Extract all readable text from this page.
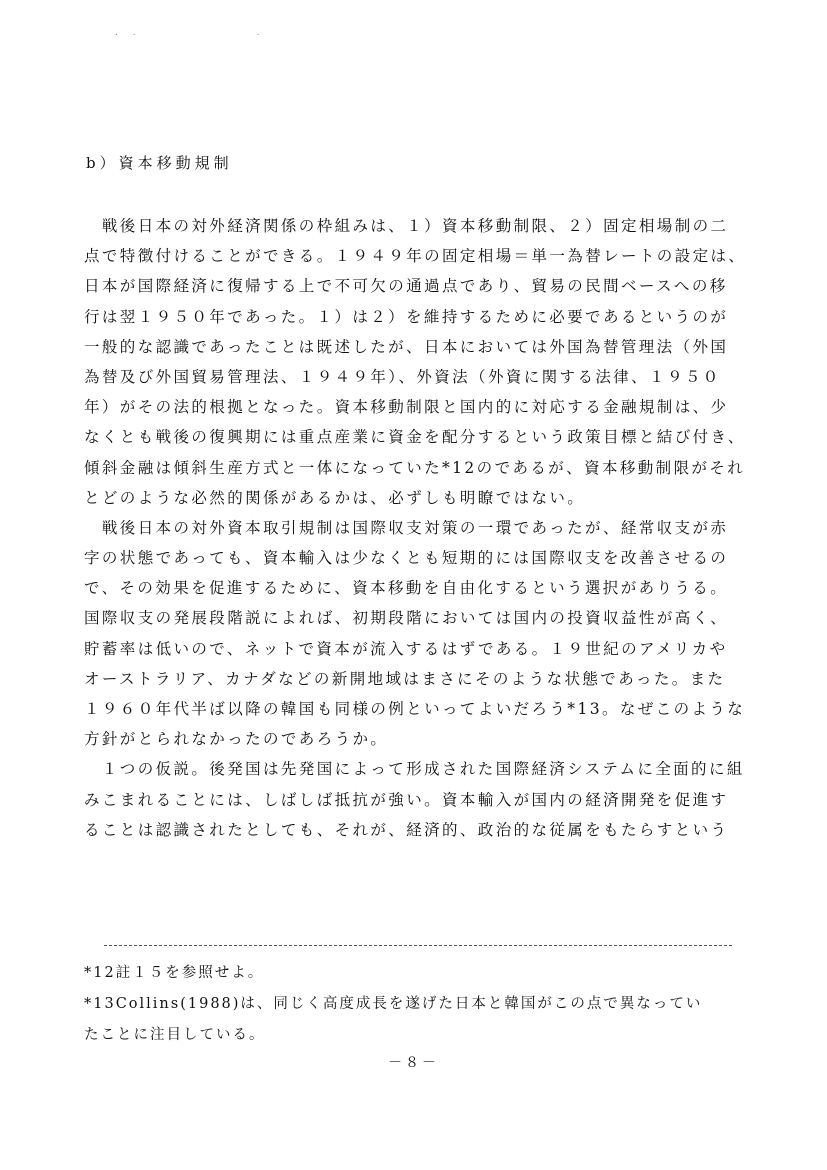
. .             .
b）資本移動規制
　戦後日本の対外経済関係の枠組みは、１）資本移動制限、２）固定相場制の二
点で特徴付けることができる。１９４９年の固定相場＝単一為替レートの設定は、
日本が国際経済に復帰する上で不可欠の通過点であり、貿易の民間ベースへの移
行は翌１９５０年であった。１）は２）を維持するために必要であるというのが
一般的な認識であったことは既述したが、日本においては外国為替管理法（外国
為替及び外国貿易管理法、１９４９年）、外資法（外資に関する法律、１９５０
年）がその法的根拠となった。資本移動制限と国内的に対応する金融規制は、少
なくとも戦後の復興期には重点産業に資金を配分するという政策目標と結び付き、
傾斜金融は傾斜生産方式と一体になっていた*12のであるが、資本移動制限がそれ
とどのような必然的関係があるかは、必ずしも明瞭ではない。
　戦後日本の対外資本取引規制は国際収支対策の一環であったが、経常収支が赤
字の状態であっても、資本輸入は少なくとも短期的には国際収支を改善させるの
で、その効果を促進するために、資本移動を自由化するという選択がありうる。
国際収支の発展段階説によれば、初期段階においては国内の投資収益性が高く、
貯蓄率は低いので、ネットで資本が流入するはずである。１９世紀のアメリカや
オーストラリア、カナダなどの新開地域はまさにそのような状態であった。また
１９６０年代半ば以降の韓国も同様の例といってよいだろう*13。なぜこのような
方針がとられなかったのであろうか。
　１つの仮説。後発国は先発国によって形成された国際経済システムに全面的に組
みこまれることには、しばしば抵抗が強い。資本輸入が国内の経済開発を促進す
ることは認識されたとしても、それが、経済的、政治的な従属をもたらすという
*12註１５を参照せよ。
*13Collins(1988)は、同じく高度成長を遂げた日本と韓国がこの点で異なってい
たことに注目している。
－８－
